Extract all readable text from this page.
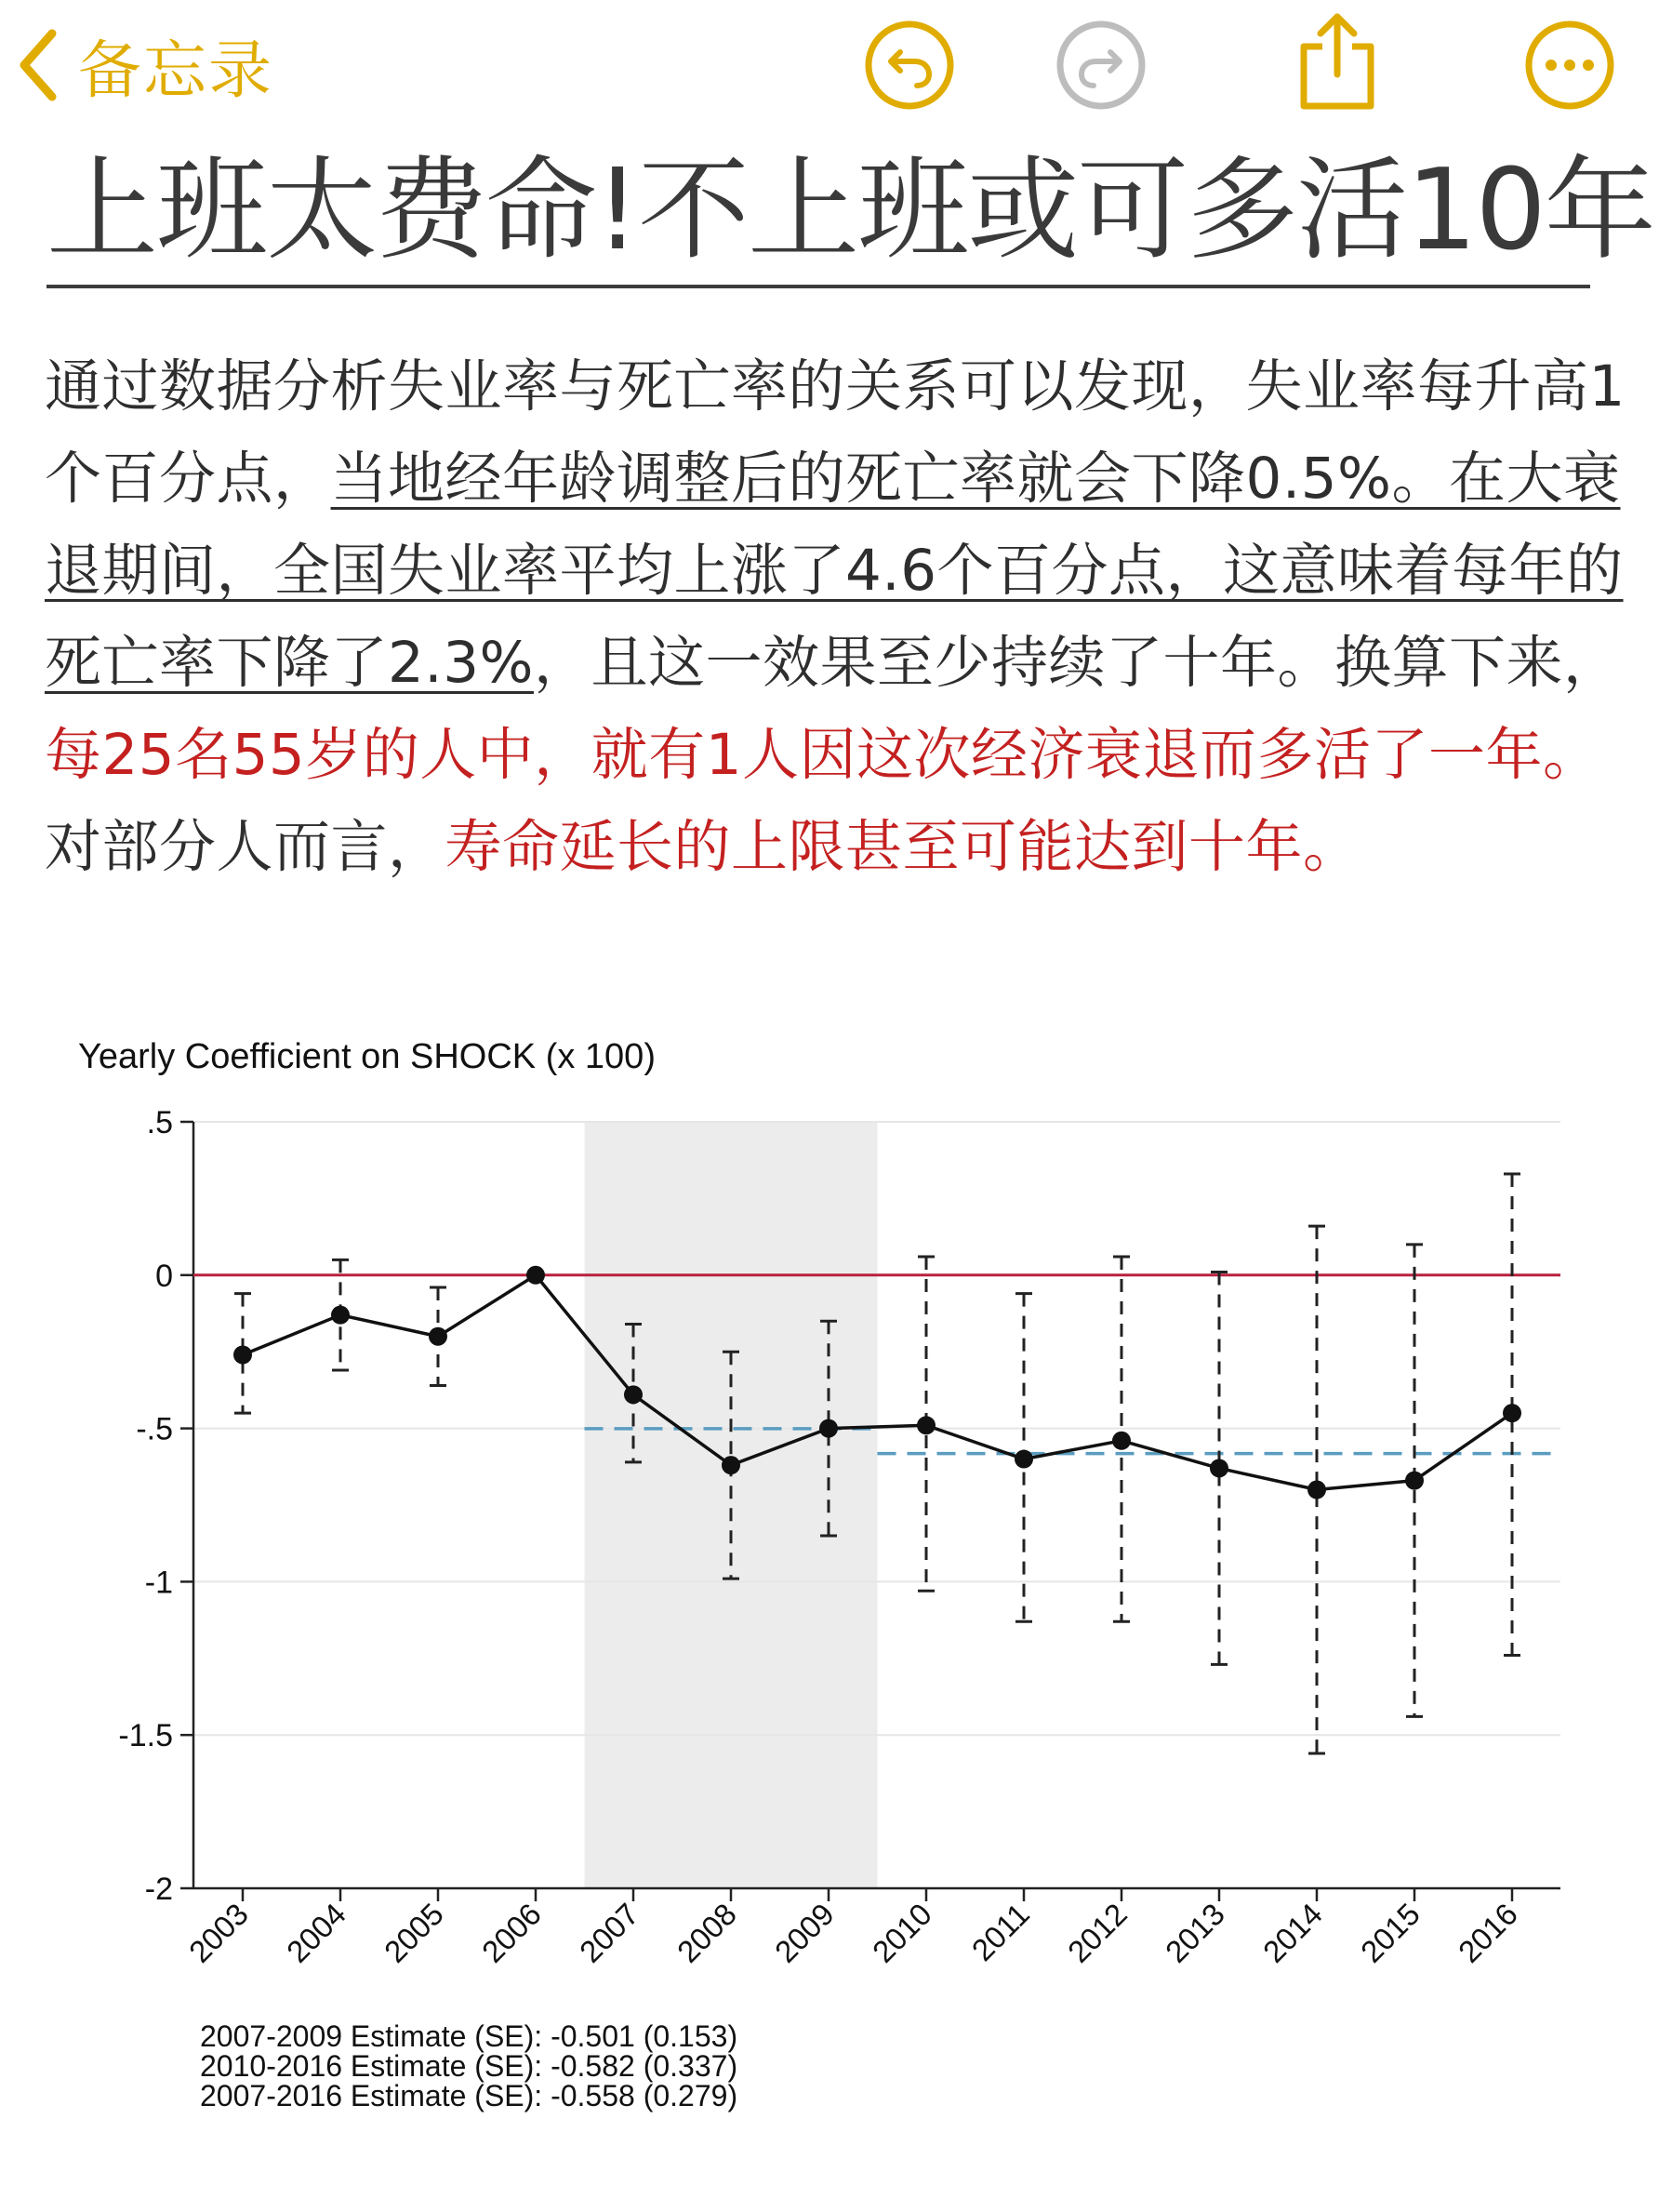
备忘录
上班太费命!不上班或可多活10年
通过数据分析失业率与死亡率的关系可以发现，失业率每升高1个百分点，当地经年龄调整后的死亡率就会下降0.5%。在大衰退期间，全国失业率平均上涨了4.6个百分点，这意味着每年的死亡率下降了2.3%，且这一效果至少持续了十年。换算下来，每25名55岁的人中，就有1人因这次经济衰退而多活了一年。对部分人而言，寿命延长的上限甚至可能达到十年。
Yearly Coefficient on SHOCK (x 100)
.5
0
-.5
-1
-1.5
-2
2003 2004 2005 2006 2007 2008 2009 2010 2011 2012 2013 2014 2015 2016
2007-2009 Estimate (SE): -0.501 (0.153)
2010-2016 Estimate (SE): -0.582 (0.337)
2007-2016 Estimate (SE): -0.558 (0.279)
